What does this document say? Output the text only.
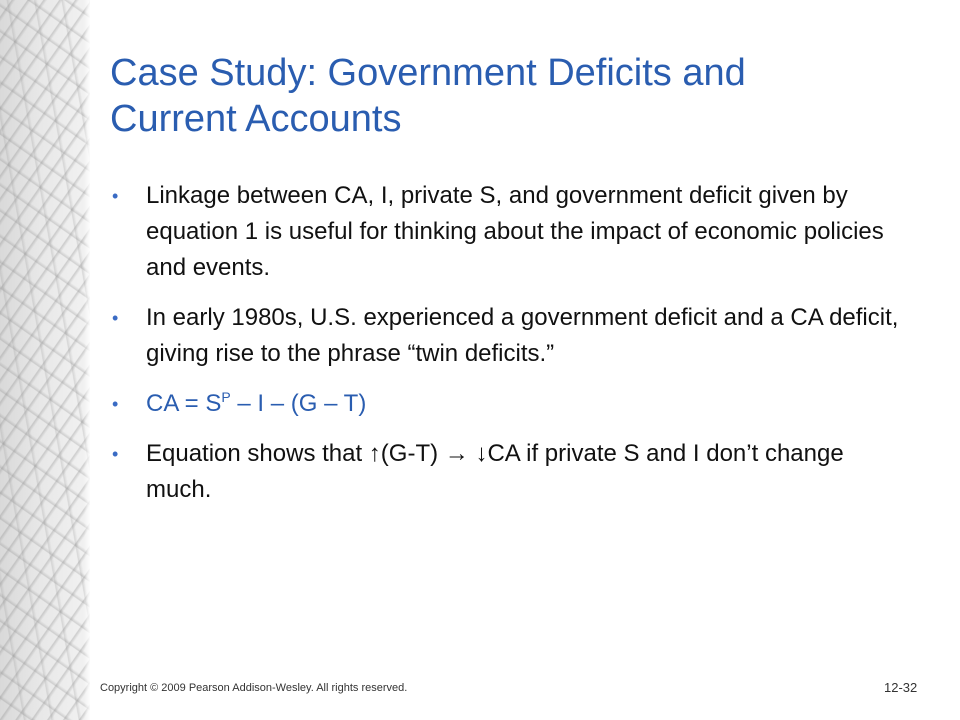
Case Study: Government Deficits and
Current Accounts
• Linkage between CA, I, private S, and government deficit given by equation 1 is useful for thinking about the impact of economic policies and events.
• In early 1980s, U.S. experienced a government deficit and a CA deficit, giving rise to the phrase “twin deficits.”
• CA = $S^P$ – I – (G – T)
• Equation shows that ↑(G-T) → ↓CA if private S and I don’t change much.
Copyright © 2009 Pearson Addison-Wesley. All rights reserved.	12-32
